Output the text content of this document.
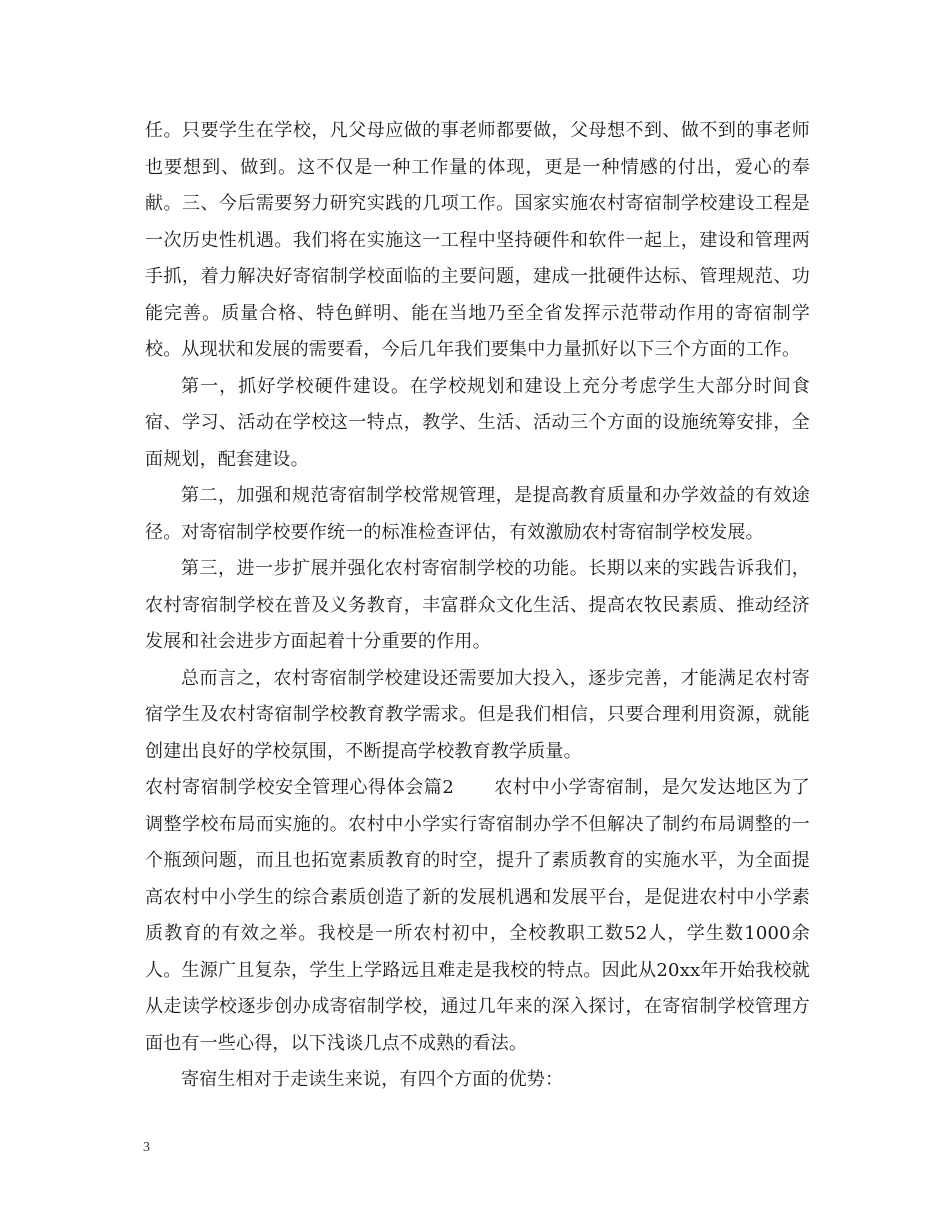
任。只要学生在学校，凡父母应做的事老师都要做，父母想不到、做不到的事老师也要想到、做到。这不仅是一种工作量的体现，更是一种情感的付出，爱心的奉献。三、今后需要努力研究实践的几项工作。国家实施农村寄宿制学校建设工程是一次历史性机遇。我们将在实施这一工程中坚持硬件和软件一起上，建设和管理两手抓，着力解决好寄宿制学校面临的主要问题，建成一批硬件达标、管理规范、功能完善。质量合格、特色鲜明、能在当地乃至全省发挥示范带动作用的寄宿制学校。从现状和发展的需要看，今后几年我们要集中力量抓好以下三个方面的工作。

第一，抓好学校硬件建设。在学校规划和建设上充分考虑学生大部分时间食宿、学习、活动在学校这一特点，教学、生活、活动三个方面的设施统筹安排，全面规划，配套建设。

第二，加强和规范寄宿制学校常规管理，是提高教育质量和办学效益的有效途径。对寄宿制学校要作统一的标准检查评估，有效激励农村寄宿制学校发展。

第三，进一步扩展并强化农村寄宿制学校的功能。长期以来的实践告诉我们，农村寄宿制学校在普及义务教育，丰富群众文化生活、提高农牧民素质、推动经济发展和社会进步方面起着十分重要的作用。

总而言之，农村寄宿制学校建设还需要加大投入，逐步完善，才能满足农村寄宿学生及农村寄宿制学校教育教学需求。但是我们相信，只要合理利用资源，就能创建出良好的学校氛围，不断提高学校教育教学质量。

农村寄宿制学校安全管理心得体会篇2 农村中小学寄宿制，是欠发达地区为了调整学校布局而实施的。农村中小学实行寄宿制办学不但解决了制约布局调整的一个瓶颈问题，而且也拓宽素质教育的时空，提升了素质教育的实施水平，为全面提高农村中小学生的综合素质创造了新的发展机遇和发展平台，是促进农村中小学素质教育的有效之举。我校是一所农村初中，全校教职工数52人，学生数1000余人。生源广且复杂，学生上学路远且难走是我校的特点。因此从20xx年开始我校就从走读学校逐步创办成寄宿制学校，通过几年来的深入探讨，在寄宿制学校管理方面也有一些心得，以下浅谈几点不成熟的看法。

寄宿生相对于走读生来说，有四个方面的优势：

3
